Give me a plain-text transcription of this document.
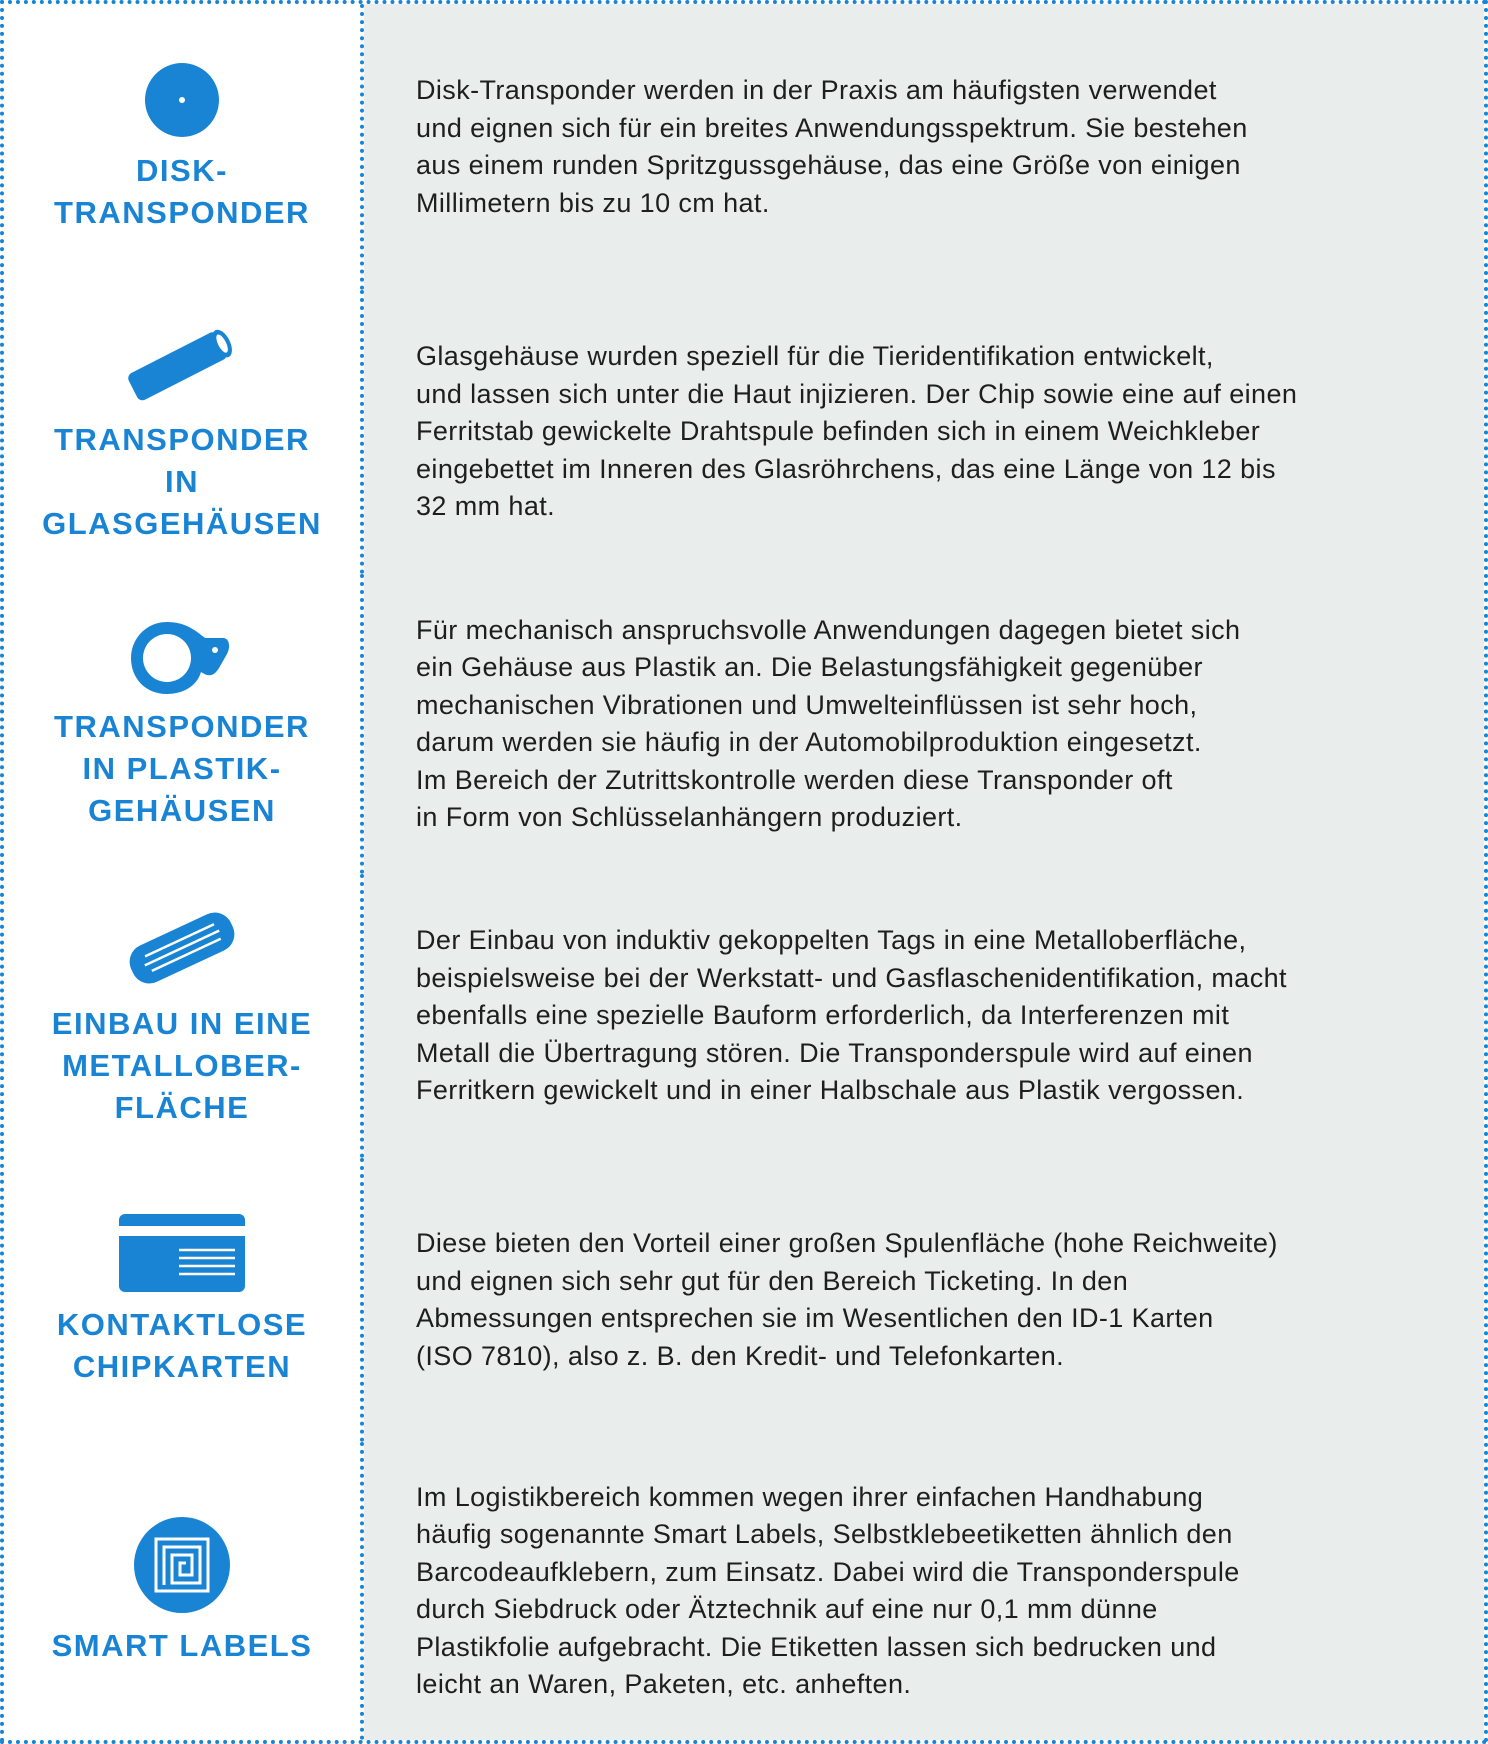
DISK-
TRANSPONDER
Disk-Transponder werden in der Praxis am häufigsten verwendet
und eignen sich für ein breites Anwendungsspektrum. Sie bestehen
aus einem runden Spritzgussgehäuse, das eine Größe von einigen
Millimetern bis zu 10 cm hat.
TRANSPONDER
IN
GLASGEHÄUSEN
Glasgehäuse wurden speziell für die Tieridentifikation entwickelt,
und lassen sich unter die Haut injizieren. Der Chip sowie eine auf einen
Ferritstab gewickelte Drahtspule befinden sich in einem Weichkleber
eingebettet im Inneren des Glasröhrchens, das eine Länge von 12 bis
32 mm hat.
TRANSPONDER
IN PLASTIK-
GEHÄUSEN
Für mechanisch anspruchsvolle Anwendungen dagegen bietet sich
ein Gehäuse aus Plastik an. Die Belastungsfähigkeit gegenüber
mechanischen Vibrationen und Umwelteinflüssen ist sehr hoch,
darum werden sie häufig in der Automobilproduktion eingesetzt.
Im Bereich der Zutrittskontrolle werden diese Transponder oft
in Form von Schlüsselanhängern produziert.
EINBAU IN EINE
METALLOBER-
FLÄCHE
Der Einbau von induktiv gekoppelten Tags in eine Metalloberfläche,
beispielsweise bei der Werkstatt- und Gasflaschenidentifikation, macht
ebenfalls eine spezielle Bauform erforderlich, da Interferenzen mit
Metall die Übertragung stören. Die Transponderspule wird auf einen
Ferritkern gewickelt und in einer Halbschale aus Plastik vergossen.
KONTAKTLOSE
CHIPKARTEN
Diese bieten den Vorteil einer großen Spulenfläche (hohe Reichweite)
und eignen sich sehr gut für den Bereich Ticketing. In den
Abmessungen entsprechen sie im Wesentlichen den ID-1 Karten
(ISO 7810), also z. B. den Kredit- und Telefonkarten.
SMART LABELS
Im Logistikbereich kommen wegen ihrer einfachen Handhabung
häufig sogenannte Smart Labels, Selbstklebeetiketten ähnlich den
Barcodeaufklebern, zum Einsatz. Dabei wird die Transponderspule
durch Siebdruck oder Ätztechnik auf eine nur 0,1 mm dünne
Plastikfolie aufgebracht. Die Etiketten lassen sich bedrucken und
leicht an Waren, Paketen, etc. anheften.
